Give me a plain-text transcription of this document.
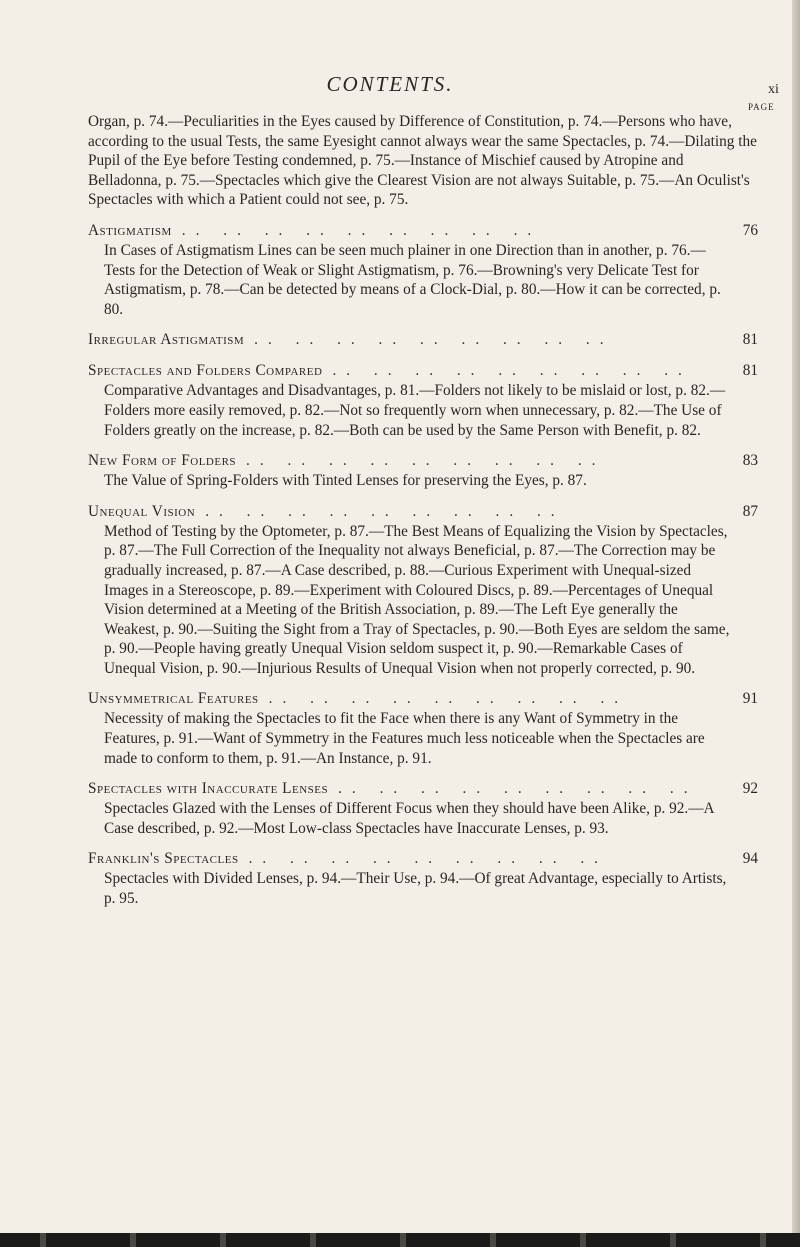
CONTENTS.	xi
PAGE

Organ, p. 74.—Peculiarities in the Eyes caused by Difference of Constitution, p. 74.—Persons who have, according to the usual Tests, the same Eyesight cannot always wear the same Spectacles, p. 74.—Dilating the Pupil of the Eye before Testing condemned, p. 75.—Instance of Mischief caused by Atropine and Belladonna, p. 75.—Spectacles which give the Clearest Vision are not always Suitable, p. 75.—An Oculist's Spectacles with which a Patient could not see, p. 75.

Astigmatism .. .. .. .. .. .. .. .. ..	76
In Cases of Astigmatism Lines can be seen much plainer in one Direction than in another, p. 76.—Tests for the Detection of Weak or Slight Astigmatism, p. 76.—Browning's very Delicate Test for Astigmatism, p. 78.—Can be detected by means of a Clock-Dial, p. 80.—How it can be corrected, p. 80.
Irregular Astigmatism .. .. .. .. .. .. .. .. ..	81
Spectacles and Folders Compared .. .. .. .. .. .. .. .. ..	81
Comparative Advantages and Disadvantages, p. 81.—Folders not likely to be mislaid or lost, p. 82.—Folders more easily removed, p. 82.—Not so frequently worn when unnecessary, p. 82.—The Use of Folders greatly on the increase, p. 82.—Both can be used by the Same Person with Benefit, p. 82.
New Form of Folders .. .. .. .. .. .. .. .. ..	83
The Value of Spring-Folders with Tinted Lenses for preserving the Eyes, p. 87.
Unequal Vision .. .. .. .. .. .. .. .. ..	87
Method of Testing by the Optometer, p. 87.—The Best Means of Equalizing the Vision by Spectacles, p. 87.—The Full Correction of the Inequality not always Beneficial, p. 87.—The Correction may be gradually increased, p. 87.—A Case described, p. 88.—Curious Experiment with Unequal-sized Images in a Stereoscope, p. 89.—Experiment with Coloured Discs, p. 89.—Percentages of Unequal Vision determined at a Meeting of the British Association, p. 89.—The Left Eye generally the Weakest, p. 90.—Suiting the Sight from a Tray of Spectacles, p. 90.—Both Eyes are seldom the same, p. 90.—People having greatly Unequal Vision seldom suspect it, p. 90.—Remarkable Cases of Unequal Vision, p. 90.—Injurious Results of Unequal Vision when not properly corrected, p. 90.
Unsymmetrical Features .. .. .. .. .. .. .. .. ..	91
Necessity of making the Spectacles to fit the Face when there is any Want of Symmetry in the Features, p. 91.—Want of Symmetry in the Features much less noticeable when the Spectacles are made to conform to them, p. 91.—An Instance, p. 91.
Spectacles with Inaccurate Lenses .. .. .. .. .. .. .. .. ..	92
Spectacles Glazed with the Lenses of Different Focus when they should have been Alike, p. 92.—A Case described, p. 92.—Most Low-class Spectacles have Inaccurate Lenses, p. 93.
Franklin's Spectacles .. .. .. .. .. .. .. .. ..	94
Spectacles with Divided Lenses, p. 94.—Their Use, p. 94.—Of great Advantage, especially to Artists, p. 95.
